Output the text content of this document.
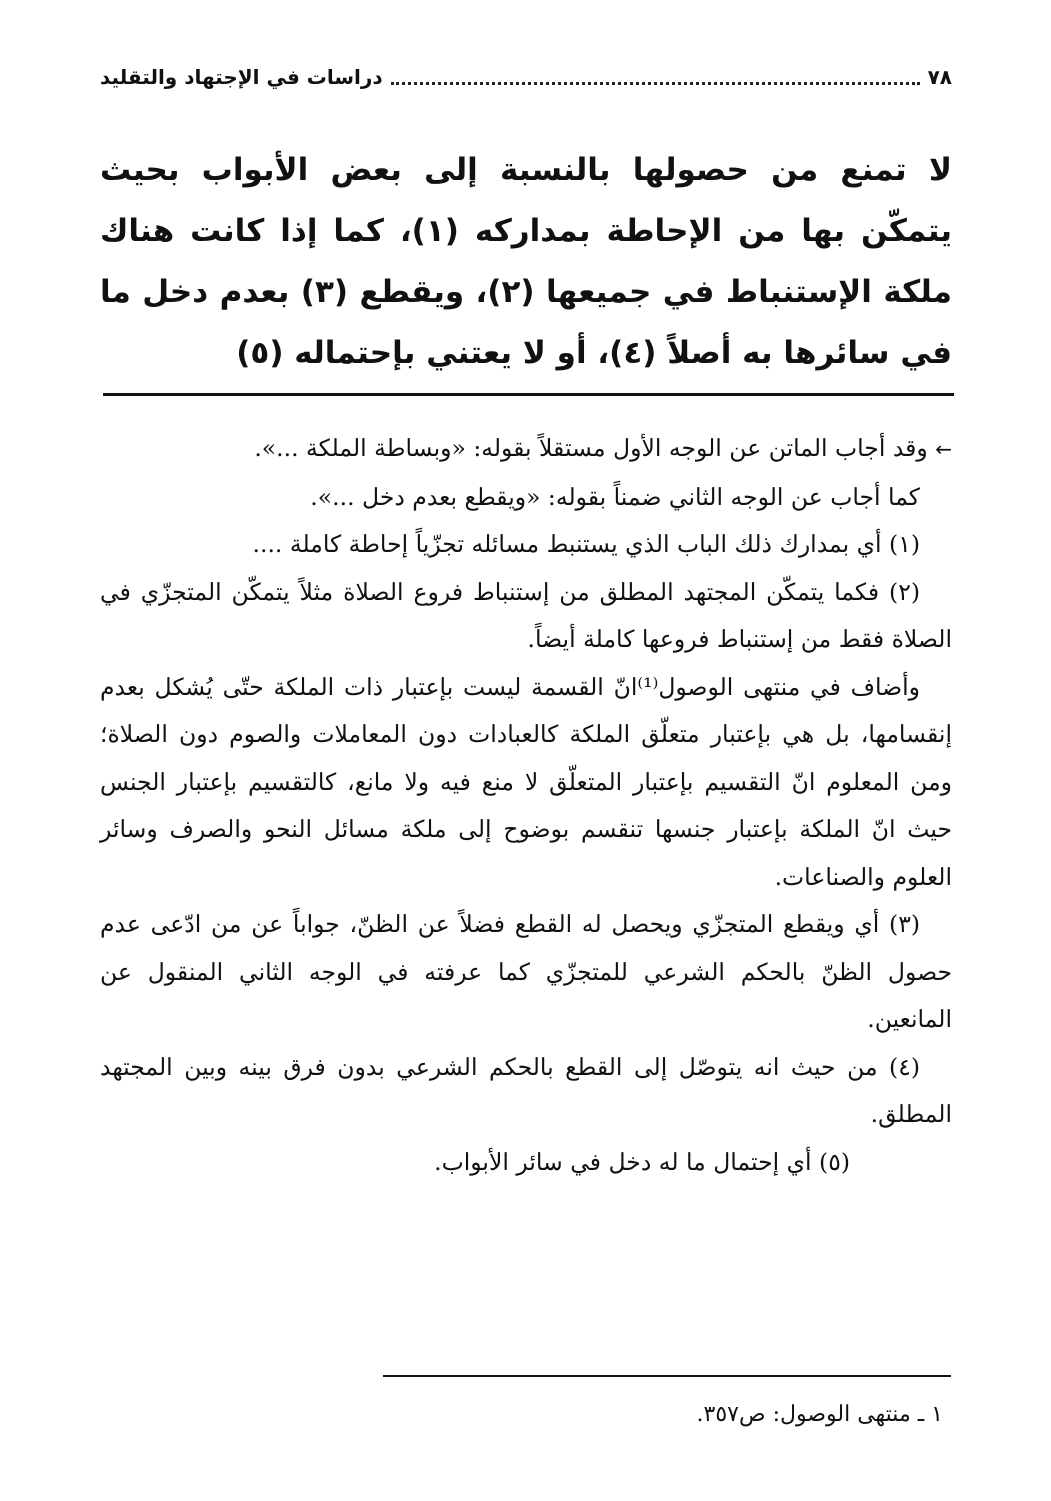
٧٨
دراسات في الإجتهاد والتقليد

لا تمنع من حصولها بالنسبة إلى بعض الأبواب بحيث يتمكّن بها من الإحاطة بمداركه (١)، كما إذا كانت هناك ملكة الإستنباط في جميعها (٢)، ويقطع (٣) بعدم دخل ما في سائرها به أصلاً (٤)، أو لا يعتني بإحتماله (٥)

← وقد أجاب الماتن عن الوجه الأول مستقلاً بقوله: «وبساطة الملكة ...».

كما أجاب عن الوجه الثاني ضمناً بقوله: «ويقطع بعدم دخل ...».

(١) أي بمدارك ذلك الباب الذي يستنبط مسائله تجزّياً إحاطة كاملة ....

(٢) فكما يتمكّن المجتهد المطلق من إستنباط فروع الصلاة مثلاً يتمكّن المتجزّي في الصلاة فقط من إستنباط فروعها كاملة أيضاً.

وأضاف في منتهى الوصول⁽¹⁾انّ القسمة ليست بإعتبار ذات الملكة حتّى يُشكل بعدم إنقسامها، بل هي بإعتبار متعلّق الملكة كالعبادات دون المعاملات والصوم دون الصلاة؛ ومن المعلوم انّ التقسيم بإعتبار المتعلّق لا منع فيه ولا مانع، كالتقسيم بإعتبار الجنس حيث انّ الملكة بإعتبار جنسها تنقسم بوضوح إلى ملكة مسائل النحو والصرف وسائر العلوم والصناعات.

(٣) أي ويقطع المتجزّي ويحصل له القطع فضلاً عن الظنّ، جواباً عن من ادّعى عدم حصول الظنّ بالحكم الشرعي للمتجزّي كما عرفته في الوجه الثاني المنقول عن المانعين.

(٤) من حيث انه يتوصّل إلى القطع بالحكم الشرعي بدون فرق بينه وبين المجتهد المطلق.

(٥) أي إحتمال ما له دخل في سائر الأبواب.

١ ـ منتهى الوصول: ص٣٥٧.
